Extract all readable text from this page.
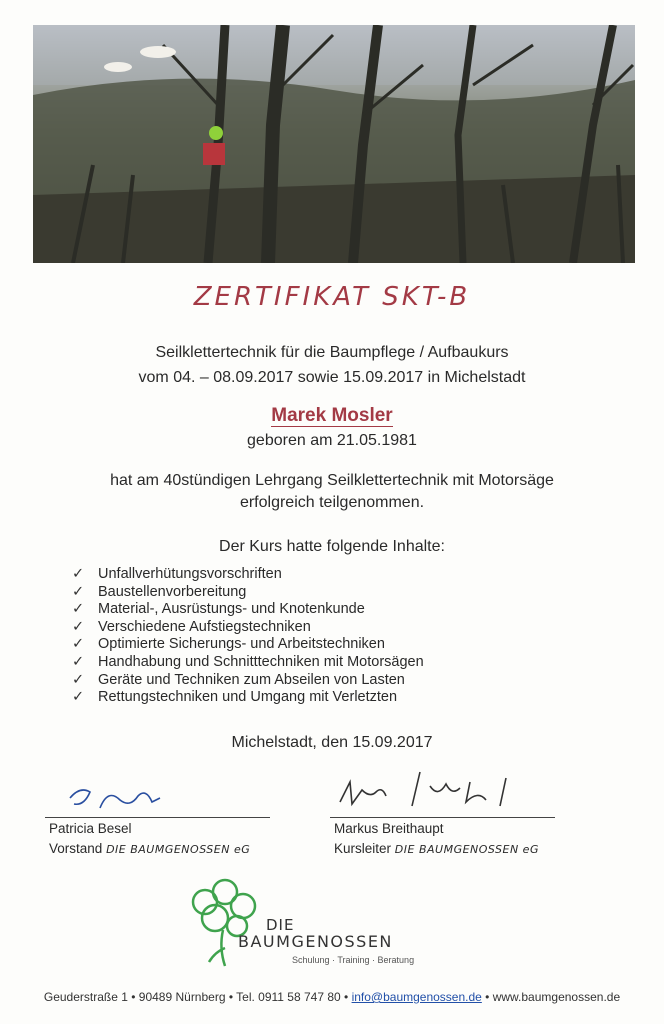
ZERTIFIKAT SKT-B
Seilklettertechnik für die Baumpflege / Aufbaukurs
vom 04. – 08.09.2017 sowie 15.09.2017 in Michelstadt
Marek Mosler
geboren am 21.05.1981
hat am 40stündigen Lehrgang Seilklettertechnik mit Motorsäge
erfolgreich teilgenommen.
Der Kurs hatte folgende Inhalte:
✓ Unfallverhütungsvorschriften
✓ Baustellenvorbereitung
✓ Material-, Ausrüstungs- und Knotenkunde
✓ Verschiedene Aufstiegstechniken
✓ Optimierte Sicherungs- und Arbeitstechniken
✓ Handhabung und Schnitttechniken mit Motorsägen
✓ Geräte und Techniken zum Abseilen von Lasten
✓ Rettungstechniken und Umgang mit Verletzten
Michelstadt, den 15.09.2017
Patricia Besel
Vorstand DIE BAUMGENOSSEN eG
Markus Breithaupt
Kursleiter DIE BAUMGENOSSEN eG
DIE
BAUMGENOSSEN
Schulung · Training · Beratung
Geuderstraße 1 • 90489 Nürnberg • Tel. 0911 58 747 80 • info@baumgenossen.de • www.baumgenossen.de
